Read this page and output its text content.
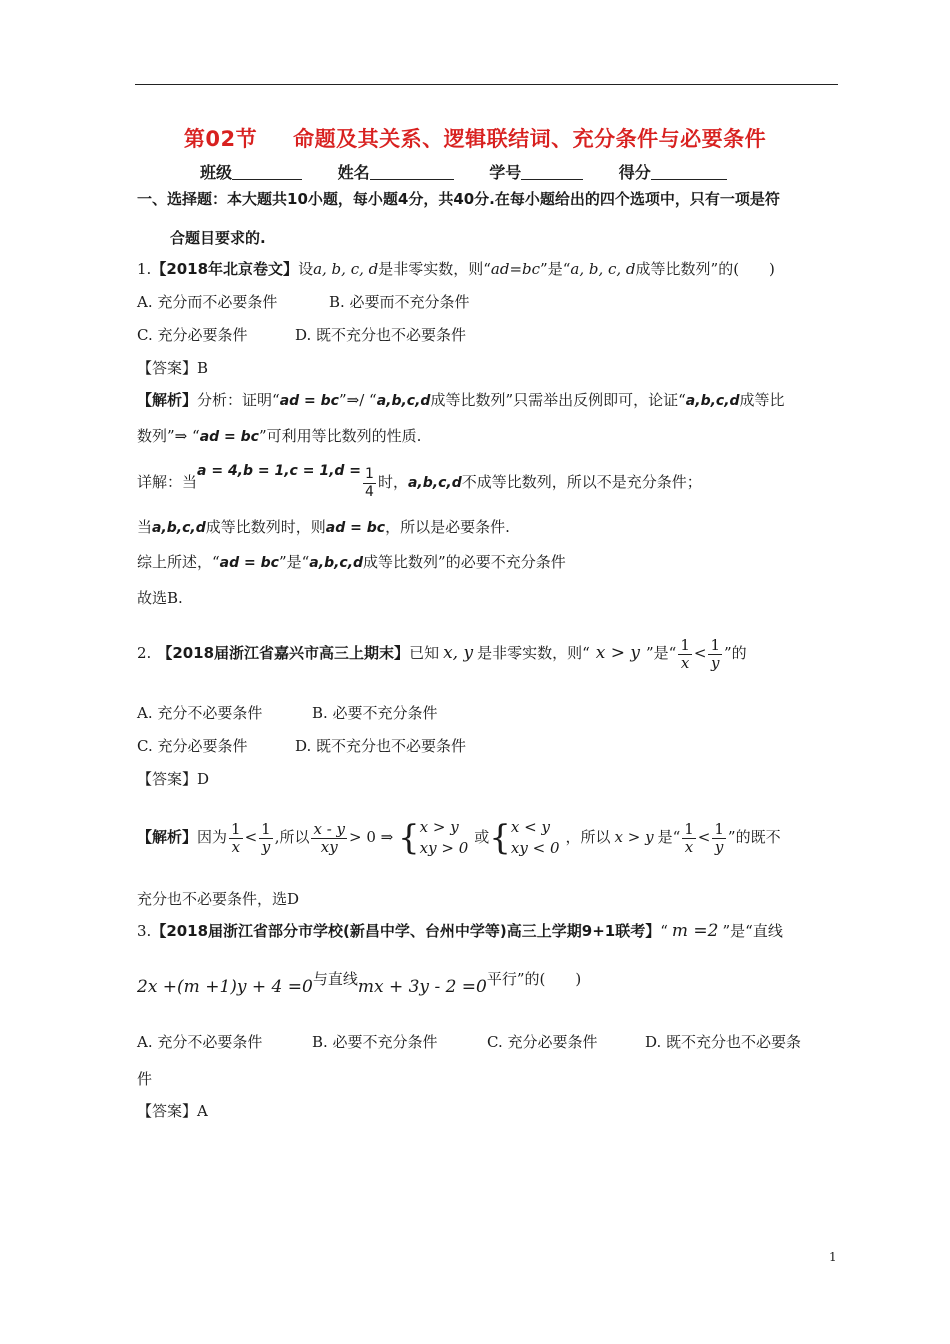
第02节 命题及其关系、逻辑联结词、充分条件与必要条件
班级	姓名	学号	得分
一、选择题：本大题共10小题，每小题4分，共40分.在每小题给出的四个选项中，只有一项是符
合题目要求的.
1.【2018年北京卷文】设a, b, c, d是非零实数，则“ad=bc”是“a, b, c, d成等比数列”的(　　)
A. 充分而不必要条件	B. 必要而不充分条件
C. 充分必要条件	D. 既不充分也不必要条件
【答案】B
【解析】分析：证明“ad = bc”⇒/ “a,b,c,d成等比数列”只需举出反例即可，论证“a,b,c,d成等比
数列”⇒ “ad = bc”可利用等比数列的性质.
详解：当$a = 4,b = 1,c = 1,d = \frac{1}{4}$ 时，a,b,c,d不成等比数列，所以不是充分条件；
当a,b,c,d成等比数列时，则ad = bc，所以是必要条件.
综上所述，“ad = bc”是“a,b,c,d成等比数列”的必要不充分条件
故选B.
2. 【2018届浙江省嘉兴市高三上期末】已知 x, y 是非零实数，则“ x > y ”是“ $\frac{1}{x} < \frac{1}{y}$ ”的
A. 充分不必要条件	B. 必要不充分条件
C. 充分必要条件	D. 既不充分也不必要条件
【答案】D
【解析】因为 $\frac{1}{x} < \frac{1}{y}$ ,所以 $\frac{x - y}{xy} > 0$ ⇒ { x > y
xy > 0
或{ x < y
xy < 0
，所以 x > y 是“ $\frac{1}{x} < \frac{1}{y}$ ”的既不
充分也不必要条件，选D
3.【2018届浙江省部分市学校(新昌中学、台州中学等)高三上学期9+1联考】“ m =2 ”是“直线
2x +(m +1)y + 4 =0与直线mx + 3y - 2 =0平行”的(　　)
A. 充分不必要条件	B. 必要不充分条件	C. 充分必要条件	D. 既不充分也不必要条
件
【答案】A
1
